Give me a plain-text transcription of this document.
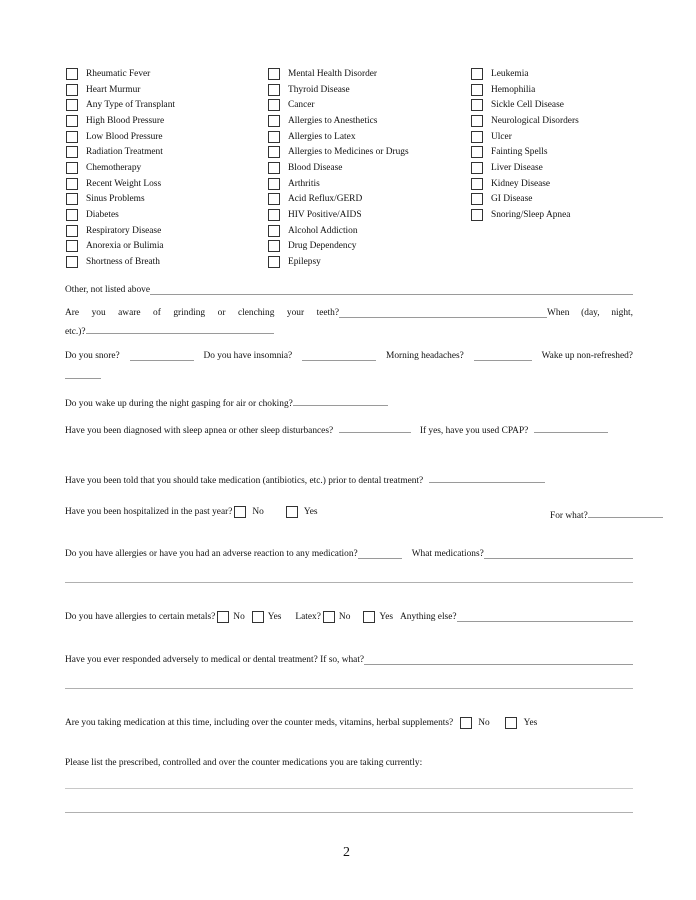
Rheumatic Fever
Heart Murmur
Any Type of Transplant
High Blood Pressure
Low Blood Pressure
Radiation Treatment
Chemotherapy
Recent Weight Loss
Sinus Problems
Diabetes
Respiratory Disease
Anorexia or Bulimia
Shortness of Breath
Mental Health Disorder
Thyroid Disease
Cancer
Allergies to Anesthetics
Allergies to Latex
Allergies to Medicines or Drugs
Blood Disease
Arthritis
Acid Reflux/GERD
HIV Positive/AIDS
Alcohol Addiction
Drug Dependency
Epilepsy
Leukemia
Hemophilia
Sickle Cell Disease
Neurological Disorders
Ulcer
Fainting Spells
Liver Disease
Kidney Disease
GI Disease
Snoring/Sleep Apnea
Other, not listed above
Are you aware of grinding or clenching your teeth?	When (day, night,
etc.)?
Do you snore?	Do you have insomnia?	Morning headaches?	Wake up non-refreshed?
Do you wake up during the night gasping for air or choking?
Have you been diagnosed with sleep apnea or other sleep disturbances?	If yes, have you used CPAP?
Have you been told that you should take medication (antibiotics, etc.) prior to dental treatment?
Have you been hospitalized in the past year? No	Yes	For what?
Do you have allergies or have you had an adverse reaction to any medication?	What medications?
Do you have allergies to certain metals? No Yes Latex? No	Yes Anything else?
Have you ever responded adversely to medical or dental treatment? If so, what?
Are you taking medication at this time, including over the counter meds, vitamins, herbal supplements?	No	Yes
Please list the prescribed, controlled and over the counter medications you are taking currently:
2
